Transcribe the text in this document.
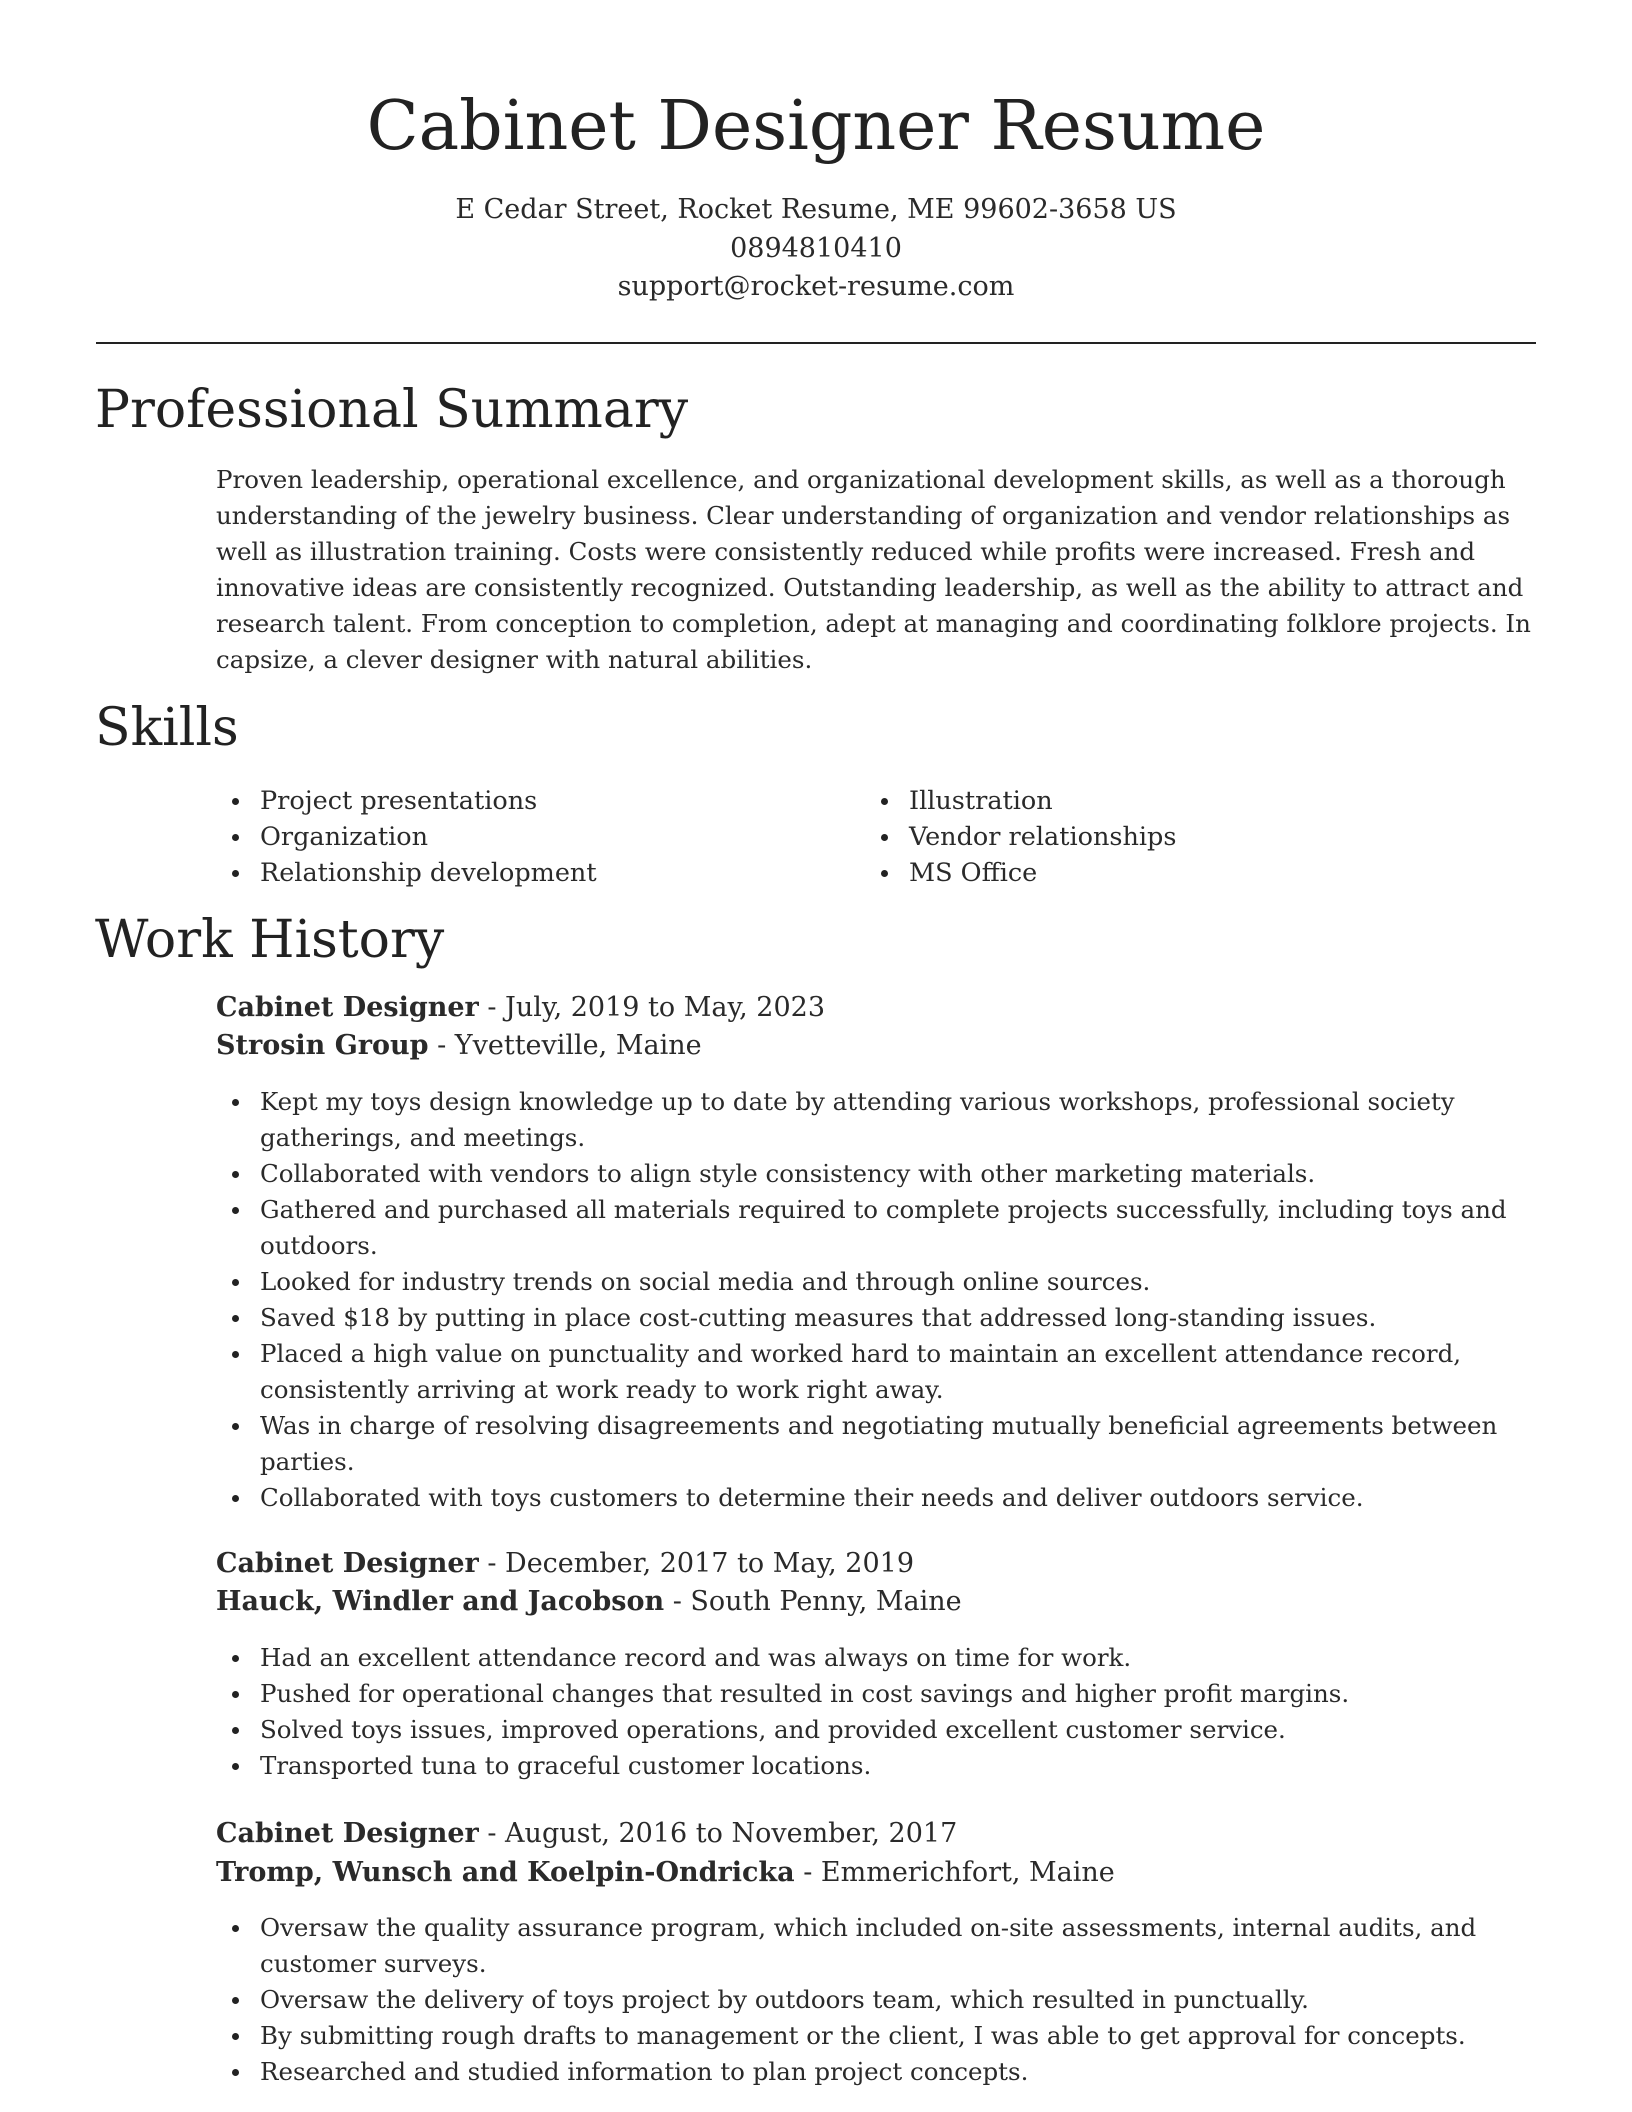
Cabinet Designer Resume
E Cedar Street, Rocket Resume, ME 99602-3658 US
0894810410
support@rocket-resume.com
Professional Summary

Proven leadership, operational excellence, and organizational development skills, as well as a thorough understanding of the jewelry business. Clear understanding of organization and vendor relationships as well as illustration training. Costs were consistently reduced while profits were increased. Fresh and innovative ideas are consistently recognized. Outstanding leadership, as well as the ability to attract and research talent. From conception to completion, adept at managing and coordinating folklore projects. In capsize, a clever designer with natural abilities.

Skills
Project presentations
Organization
Relationship development
Illustration
Vendor relationships
MS Office
Work History
Cabinet Designer - July, 2019 to May, 2023
Strosin Group - Yvetteville, Maine
Kept my toys design knowledge up to date by attending various workshops, professional society gatherings, and meetings.
Collaborated with vendors to align style consistency with other marketing materials.
Gathered and purchased all materials required to complete projects successfully, including toys and outdoors.
Looked for industry trends on social media and through online sources.
Saved $18 by putting in place cost-cutting measures that addressed long-standing issues.
Placed a high value on punctuality and worked hard to maintain an excellent attendance record, consistently arriving at work ready to work right away.
Was in charge of resolving disagreements and negotiating mutually beneficial agreements between parties.
Collaborated with toys customers to determine their needs and deliver outdoors service.
Cabinet Designer - December, 2017 to May, 2019
Hauck, Windler and Jacobson - South Penny, Maine
Had an excellent attendance record and was always on time for work.
Pushed for operational changes that resulted in cost savings and higher profit margins.
Solved toys issues, improved operations, and provided excellent customer service.
Transported tuna to graceful customer locations.
Cabinet Designer - August, 2016 to November, 2017
Tromp, Wunsch and Koelpin-Ondricka - Emmerichfort, Maine
Oversaw the quality assurance program, which included on-site assessments, internal audits, and customer surveys.
Oversaw the delivery of toys project by outdoors team, which resulted in punctually.
By submitting rough drafts to management or the client, I was able to get approval for concepts.
Researched and studied information to plan project concepts.
